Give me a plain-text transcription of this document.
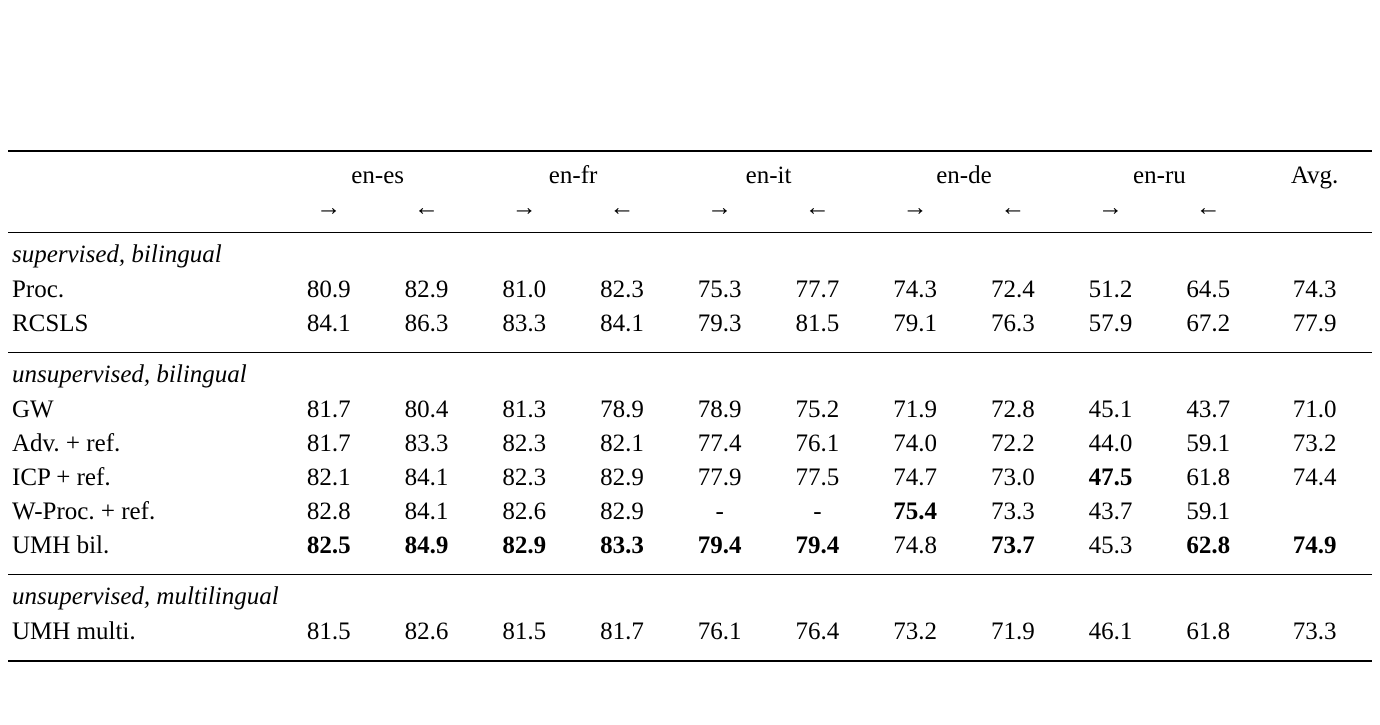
	en-es		en-fr		en-it		en-de		en-ru		Avg.
	→	←	→	←	→	←	→	←	→	←	

supervised, bilingual											
Proc.	80.9	82.9	81.0	82.3	75.3	77.7	74.3	72.4	51.2	64.5	74.3
RCSLS	84.1	86.3	83.3	84.1	79.3	81.5	79.1	76.3	57.9	67.2	77.9

unsupervised, bilingual											
GW	81.7	80.4	81.3	78.9	78.9	75.2	71.9	72.8	45.1	43.7	71.0
Adv. + ref.	81.7	83.3	82.3	82.1	77.4	76.1	74.0	72.2	44.0	59.1	73.2
ICP + ref.	82.1	84.1	82.3	82.9	77.9	77.5	74.7	73.0	47.5	61.8	74.4
W-Proc. + ref.	82.8	84.1	82.6	82.9	-	-	75.4	73.3	43.7	59.1	
UMH bil.	82.5	84.9	82.9	83.3	79.4	79.4	74.8	73.7	45.3	62.8	74.9

unsupervised, multilingual											
UMH multi.	81.5	82.6	81.5	81.7	76.1	76.4	73.2	71.9	46.1	61.8	73.3
